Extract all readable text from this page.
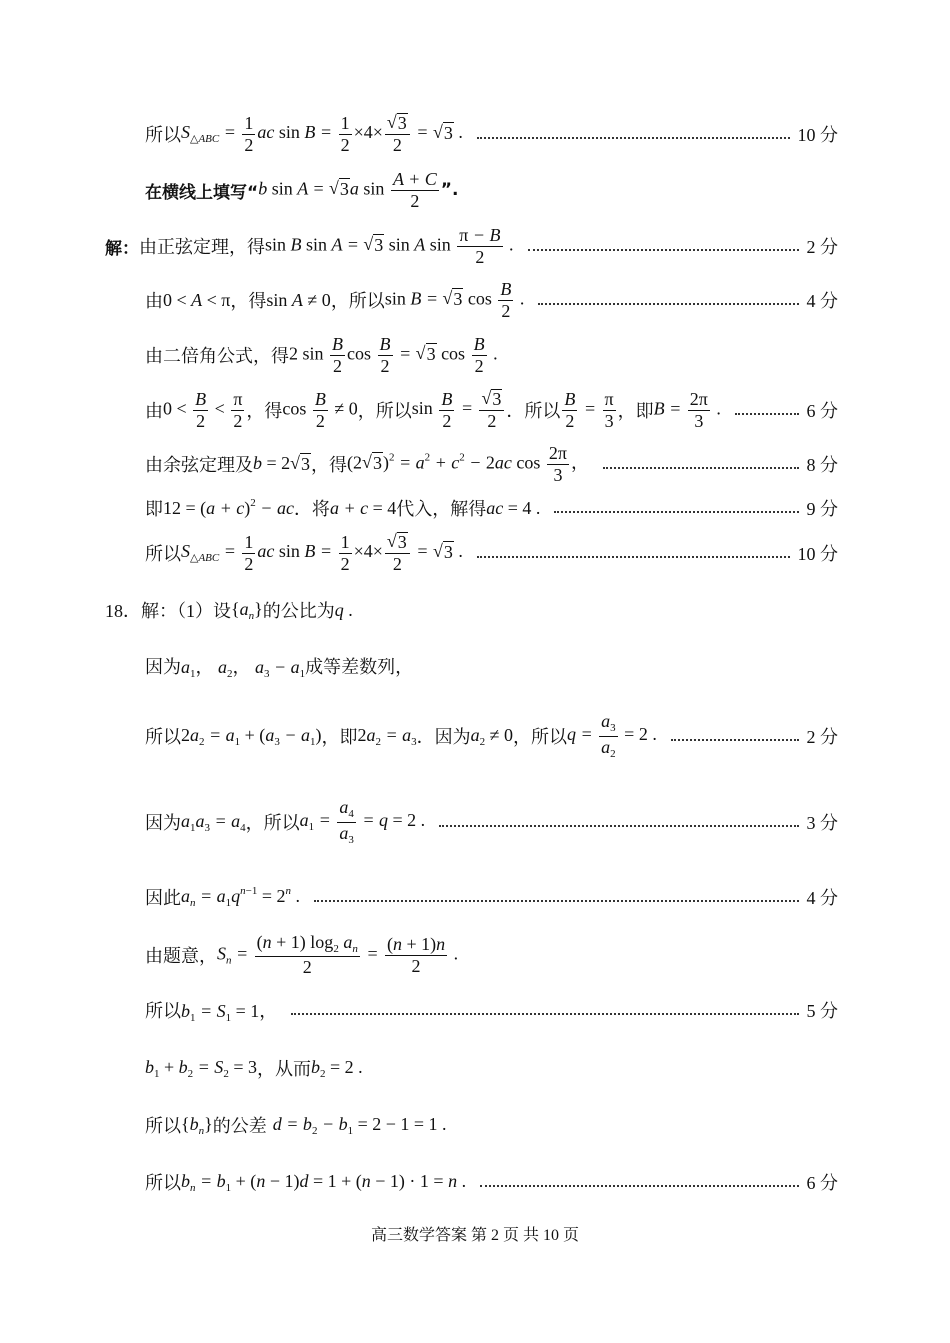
所以 $S_{\triangle ABC} = \frac{1}{2}$ ac $\sin B = \frac{1}{2} \times 4\times \frac{√ 3}{2}$ = √ 3 .	10 分
在横线上填写“ b sin A = √ 3 a $\sin \frac{A + C}{2}$ ”.
解： 由正弦定理，得 sin B sin A = √ 3 sin A $\sin \frac{\pi - B}{2}$ .	2 分
由 0 < A < π ，得 sin A ≠ 0 ，所以 sin B = √ 3 $\cos \frac{B}{2}$ .	4 分
由二倍角公式，得 2 $\sin \frac{B}{2}$ $\cos \frac{B}{2}$ = √ 3 $\cos \frac{B}{2}$ .
由 $0 < \frac{B}{2} < \frac{\pi}{2}$ ，得 $\cos \frac{B}{2} \ne 0$ ，所以 $\sin \frac{B}{2} = \frac{√ 3}{2}$ ．所以 $\frac{B}{2} = \frac{\pi}{3}$ ，即 $B = \frac{2\pi}{3}$ .	6 分
由余弦定理及 b = 2 √ 3 ，得 (2 √ 3 )$^2 = a^2 + c^2 - 2ac$ $\cos \frac{2\pi}{3}$ ，	8 分
即 $12 = (a + c)^2$ − ac ．将 a + c = 4 代入，解得 ac = 4 .	9 分
所以 $S_{\triangle ABC} = \frac{1}{2}$ ac $\sin B = \frac{1}{2} \times 4\times \frac{√ 3}{2}$ = √ 3 .	10 分
18． 解：（1）设 $\{a_n\}$ 的公比为 q .
因为 $a_1$， $a_2$， $a_3 - a_1$ 成等差数列，
所以 $2a_2 = a_1 + (a_3 - a_1)$ ，即 $2a_2 = a_3$ ．因为 $a_2 \ne 0$ ，所以 $q = \frac{a_3}{a_2} = 2$ .	2 分
因为 $a_1a_3 = a_4$ ，所以 $a_1 = \frac{a_4}{a_3} = q = 2$ .	3 分
因此 $a_n = a_1q^{n-1} = 2^n$ .	4 分
由题意， $S_n = \frac{(n + 1) \log_2 a_n}{2} = \frac{(n + 1)n}{2}$ .
所以 $b_1 = S_1 = 1$，	5 分
$b_1 + b_2 = S_2 = 3$ ，从而 $b_2 = 2$ .
所以 $\{b_n\}$ 的公差 $d = b_2 - b_1 = 2 - 1 = 1$ .
所以 $b_n = b_1 + (n - 1)d = 1 + (n - 1) \cdot 1 = n$ .	6 分
高三数学答案 第 2 页 共 10 页
